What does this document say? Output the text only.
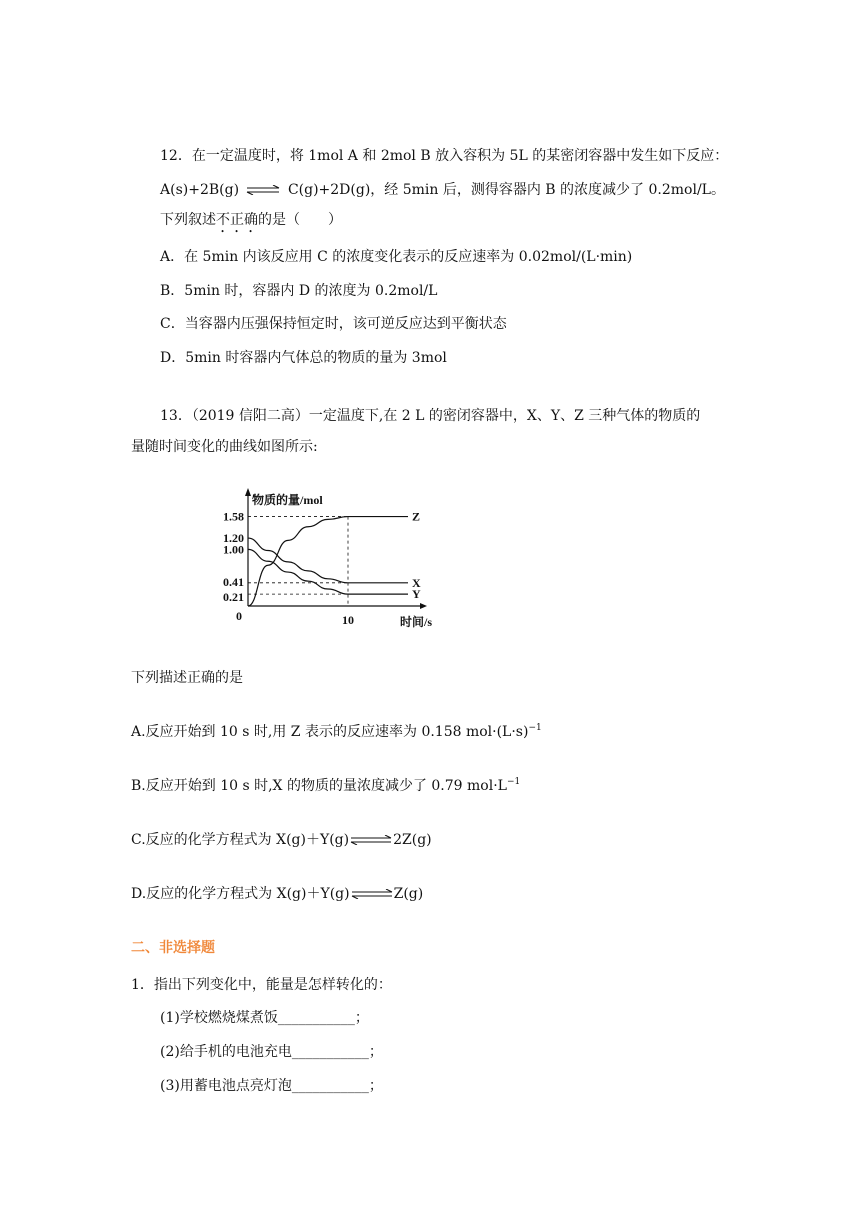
12．在一定温度时，将 1mol A 和 2mol B 放入容积为 5L 的某密闭容器中发生如下反应：
A(s)+2B(g) ⇌ C(g)+2D(g)，经 5min 后，测得容器内 B 的浓度减少了 0.2mol/L。
下列叙述不正确的是（　　）
A．在 5min 内该反应用 C 的浓度变化表示的反应速率为 0.02mol/(L·min)
B．5min 时，容器内 D 的浓度为 0.2mol/L
C．当容器内压强保持恒定时，该可逆反应达到平衡状态
D．5min 时容器内气体总的物质的量为 3mol
13．（2019 信阳二高）一定温度下,在 2 L 的密闭容器中，X、Y、Z 三种气体的物质的
量随时间变化的曲线如图所示:
物质的量/mol
时间/s
0	10
1.58
1.20
1.00
0.41
0.21
Z
X
Y
下列描述正确的是
A.反应开始到 10 s 时,用 Z 表示的反应速率为 0.158 $mol\cdot(L\cdot s)^{-1}$
B.反应开始到 10 s 时,X 的物质的量浓度减少了 0.79 $mol\cdot L^{-1}$
C.反应的化学方程式为 X(g)＋Y(g)⇌2Z(g)
D.反应的化学方程式为 X(g)＋Y(g)⇌Z(g)
二、非选择题
1．指出下列变化中，能量是怎样转化的：
(1)学校燃烧煤煮饭___________；
(2)给手机的电池充电___________；
(3)用蓄电池点亮灯泡___________；
